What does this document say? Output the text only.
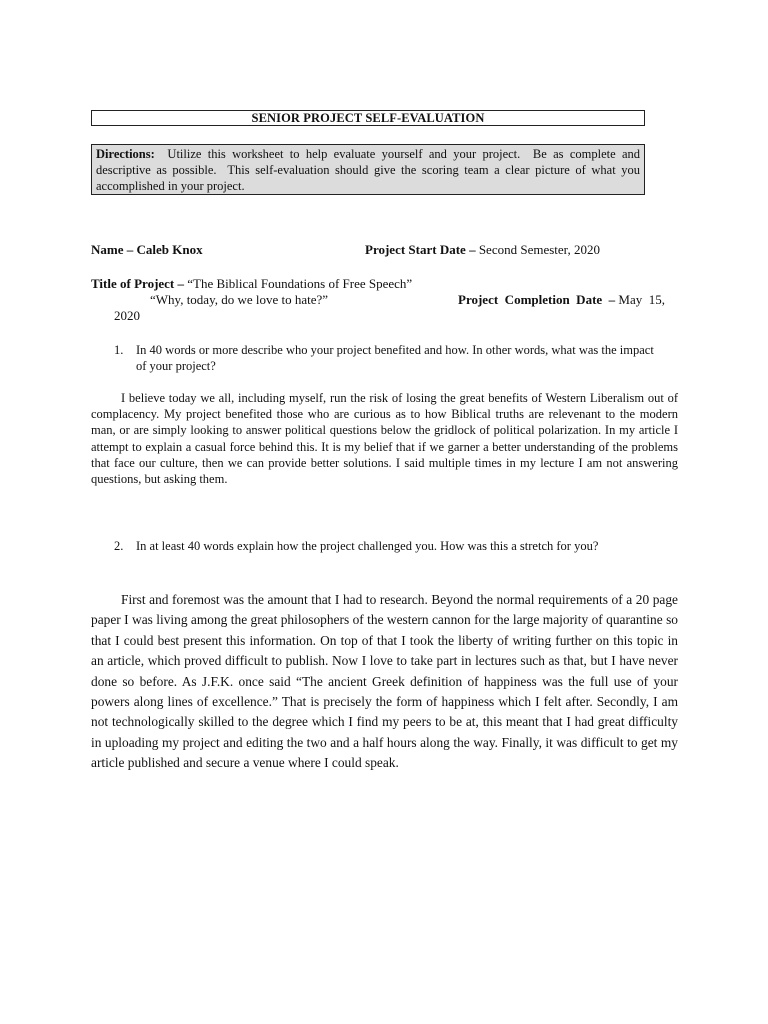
SENIOR PROJECT SELF-EVALUATION
Directions:  Utilize this worksheet to help evaluate yourself and your project.  Be as complete and descriptive as possible.  This self-evaluation should give the scoring team a clear picture of what you accomplished in your project.
Name – Caleb Knox	Project Start Date – Second Semester, 2020
Title of Project – “The Biblical Foundations of Free Speech”
“Why, today, do we love to hate?”	Project  Completion  Date  – May  15,
2020
1. In 40 words or more describe who your project benefited and how. In other words, what was the impact of your project?
I believe today we all, including myself, run the risk of losing the great benefits of Western Liberalism out of complacency. My project benefited those who are curious as to how Biblical truths are relevenant to the modern man, or are simply looking to answer political questions below the gridlock of political polarization. In my article I attempt to explain a casual force behind this. It is my belief that if we garner a better understanding of the problems that face our culture, then we can provide better solutions. I said multiple times in my lecture I am not answering questions, but asking them.
2. In at least 40 words explain how the project challenged you. How was this a stretch for you?
First and foremost was the amount that I had to research. Beyond the normal requirements of a 20 page paper I was living among the great philosophers of the western cannon for the large majority of quarantine so that I could best present this information. On top of that I took the liberty of writing further on this topic in an article, which proved difficult to publish. Now I love to take part in lectures such as that, but I have never done so before. As J.F.K. once said “The ancient Greek definition of happiness was the full use of your powers along lines of excellence.” That is precisely the form of happiness which I felt after. Secondly, I am not technologically skilled to the degree which I find my peers to be at, this meant that I had great difficulty in uploading my project and editing the two and a half hours along the way. Finally, it was difficult to get my article published and secure a venue where I could speak.
